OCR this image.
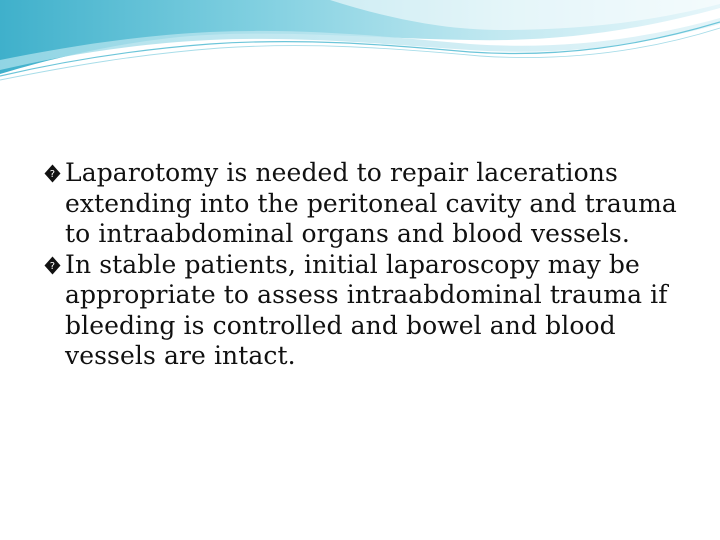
? Laparotomy is needed to repair lacerations extending into the peritoneal cavity and trauma to intraabdominal organs and blood vessels.
? In stable patients, initial laparoscopy may be appropriate to assess intraabdominal trauma if bleeding is controlled and bowel and blood vessels are intact.
